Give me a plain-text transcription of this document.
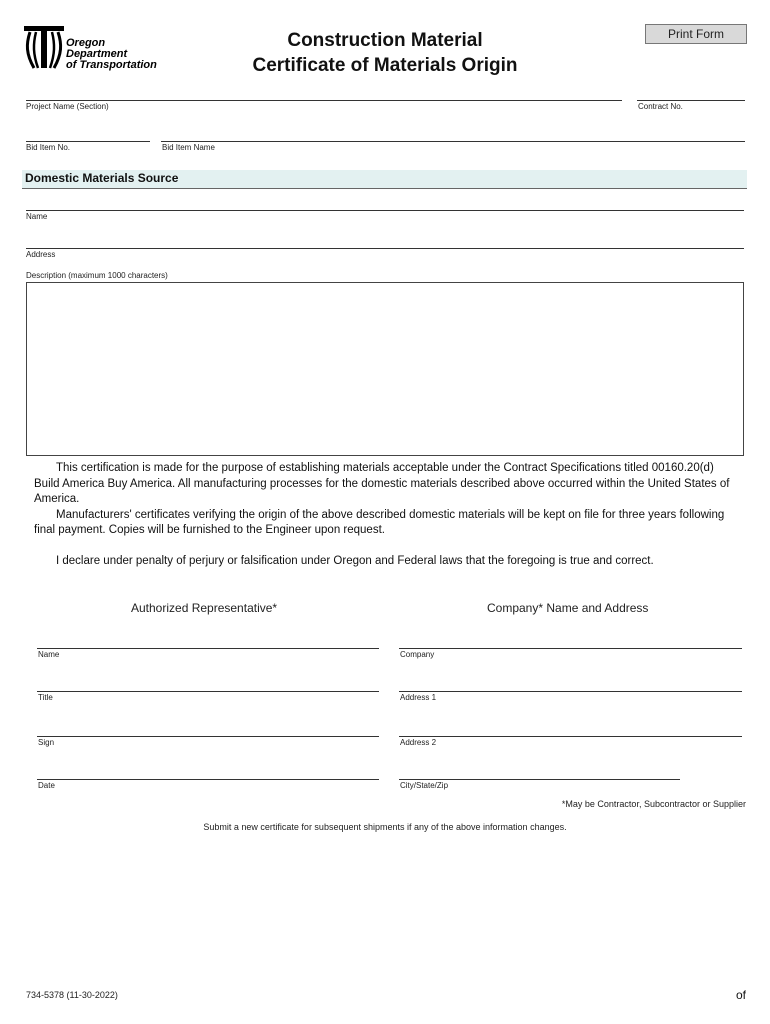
Oregon
Department
of Transportation
Construction Material
Certificate of Materials Origin
Print Form
Project Name (Section)	Contract No.
Bid Item No.	Bid Item Name
Domestic Materials Source
Name
Address
Description (maximum 1000 characters)

This certification is made for the purpose of establishing materials acceptable under the Contract Specifications titled 00160.20(d) Build America Buy America. All manufacturing processes for the domestic materials described above occurred within the United States of America.

Manufacturers' certificates verifying the origin of the above described domestic materials will be kept on file for three years following final payment. Copies will be furnished to the Engineer upon request.

I declare under penalty of perjury or falsification under Oregon and Federal laws that the foregoing is true and correct.

Authorized Representative*	Company* Name and Address
Name
Title
Sign
Date
Company
Address 1
Address 2
City/State/Zip
*May be Contractor, Subcontractor or Supplier
Submit a new certificate for subsequent shipments if any of the above information changes.
734-5378 (11-30-2022)	of
